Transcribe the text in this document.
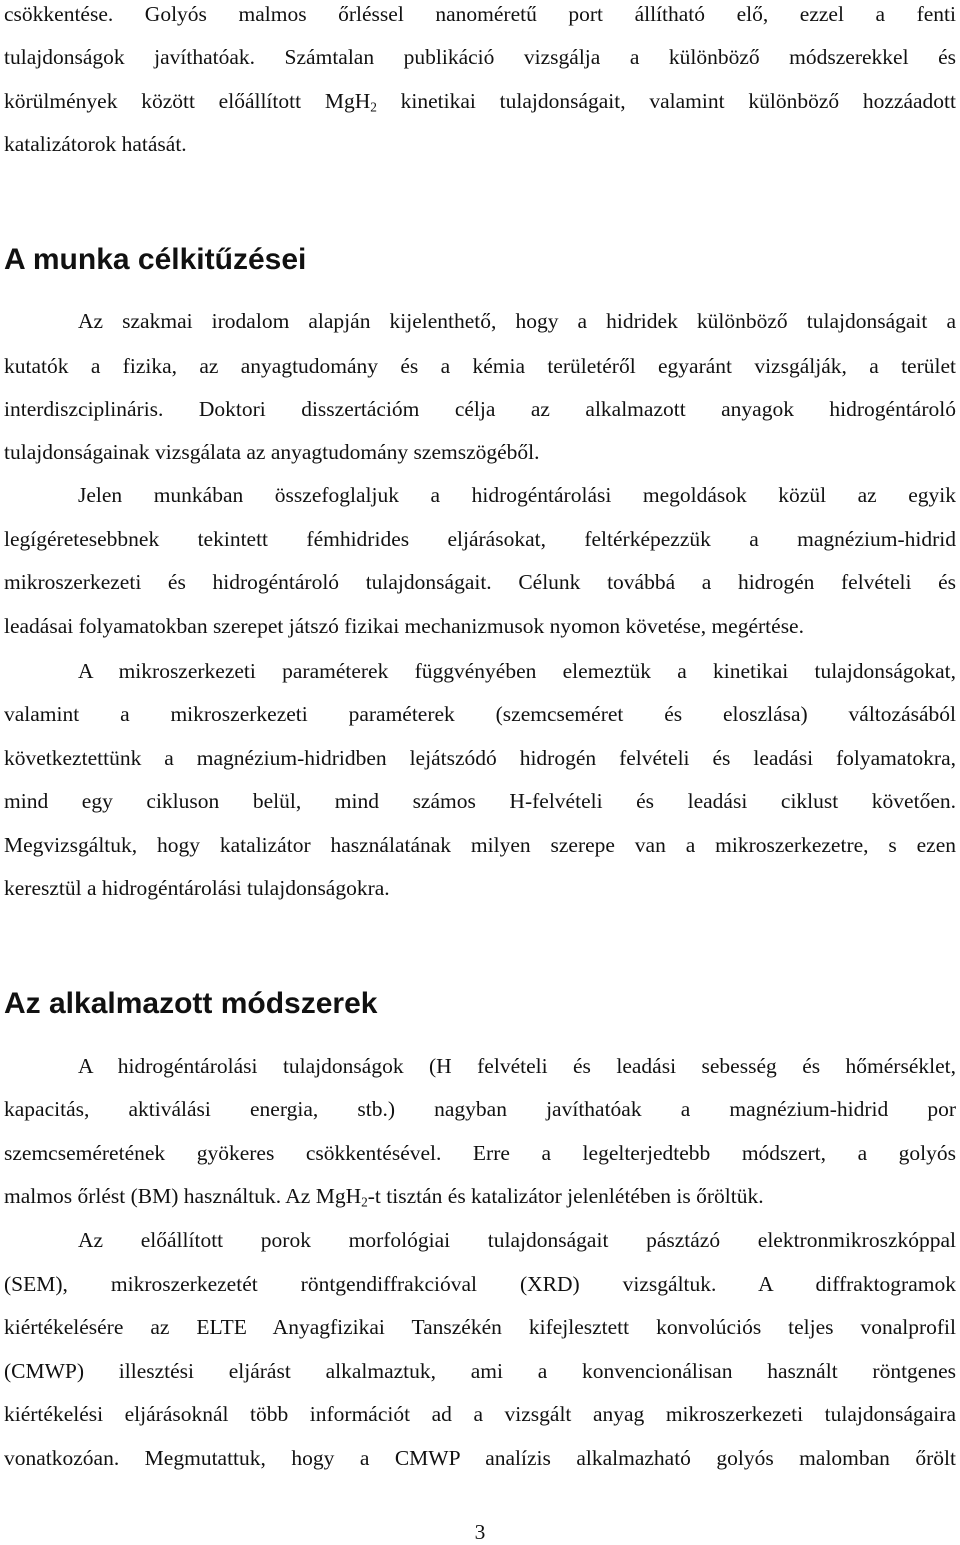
csökkentése. Golyós malmos őrléssel nanoméretű port állítható elő, ezzel a fenti
tulajdonságok javíthatóak. Számtalan publikáció vizsgálja a különböző módszerekkel és
körülmények között előállított MgH$_2$ kinetikai tulajdonságait, valamint különböző hozzáadott
katalizátorok hatását.
A munka célkitűzései
Az szakmai irodalom alapján kijelenthető, hogy a hidridek különböző tulajdonságait a
kutatók a fizika, az anyagtudomány és a kémia területéről egyaránt vizsgálják, a terület
interdiszciplináris. Doktori disszertációm célja az alkalmazott anyagok hidrogéntároló
tulajdonságainak vizsgálata az anyagtudomány szemszögéből.
Jelen munkában összefoglaljuk a hidrogéntárolási megoldások közül az egyik
legígéretesebbnek tekintett fémhidrides eljárásokat, feltérképezzük a magnézium-hidrid
mikroszerkezeti és hidrogéntároló tulajdonságait. Célunk továbbá a hidrogén felvételi és
leadásai folyamatokban szerepet játszó fizikai mechanizmusok nyomon követése, megértése.
A mikroszerkezeti paraméterek függvényében elemeztük a kinetikai tulajdonságokat,
valamint a mikroszerkezeti paraméterek (szemcseméret és eloszlása) változásából
következtettünk a magnézium-hidridben lejátszódó hidrogén felvételi és leadási folyamatokra,
mind egy cikluson belül, mind számos H-felvételi és leadási ciklust követően.
Megvizsgáltuk, hogy katalizátor használatának milyen szerepe van a mikroszerkezetre, s ezen
keresztül a hidrogéntárolási tulajdonságokra.
Az alkalmazott módszerek
A hidrogéntárolási tulajdonságok (H felvételi és leadási sebesség és hőmérséklet,
kapacitás, aktiválási energia, stb.) nagyban javíthatóak a magnézium-hidrid por
szemcseméretének gyökeres csökkentésével. Erre a legelterjedtebb módszert, a golyós
malmos őrlést (BM) használtuk. Az MgH$_2$-t tisztán és katalizátor jelenlétében is őröltük.
Az előállított porok morfológiai tulajdonságait pásztázó elektronmikroszkóppal
(SEM), mikroszerkezetét röntgendiffrakcióval (XRD) vizsgáltuk. A diffraktogramok
kiértékelésére az ELTE Anyagfizikai Tanszékén kifejlesztett konvolúciós teljes vonalprofil
(CMWP) illesztési eljárást alkalmaztuk, ami a konvencionálisan használt röntgenes
kiértékelési eljárásoknál több információt ad a vizsgált anyag mikroszerkezeti tulajdonságaira
vonatkozóan. Megmutattuk, hogy a CMWP analízis alkalmazható golyós malomban őrölt
3
